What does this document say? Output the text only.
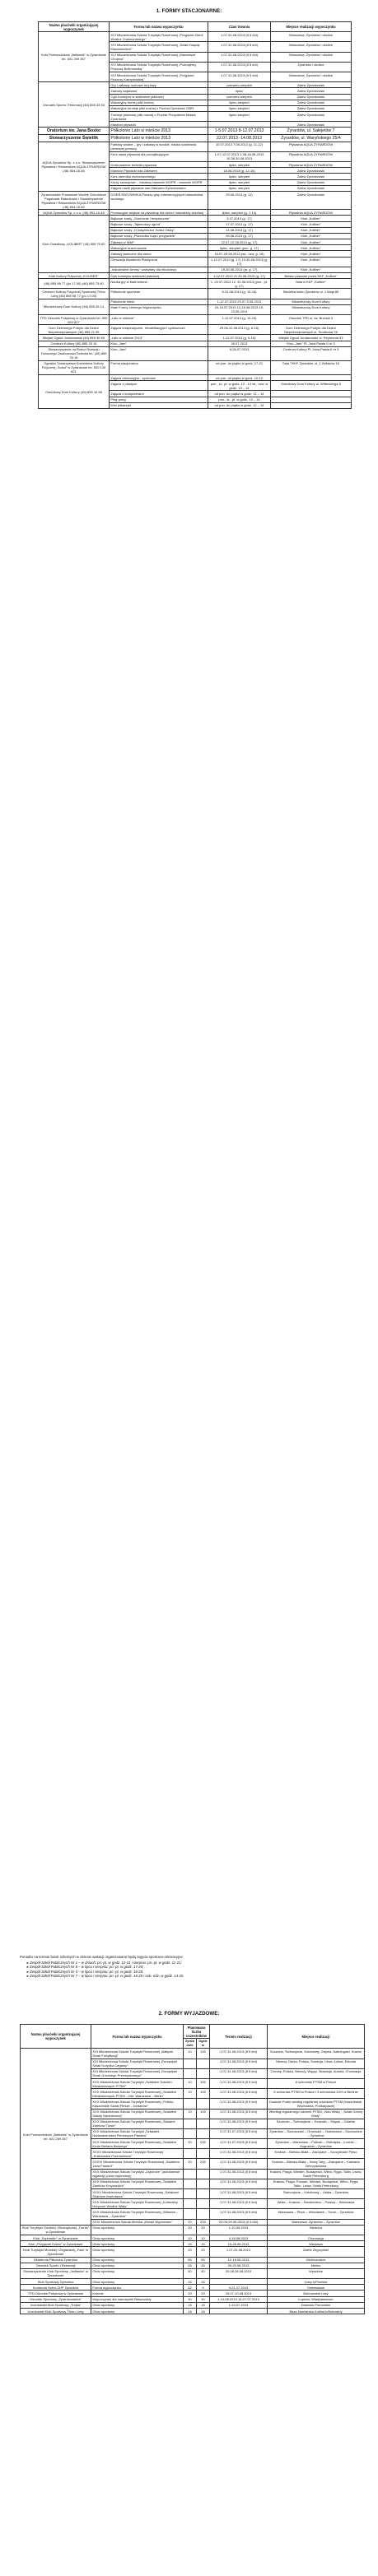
1. FORMY STACJONARNE:
Nazwa placówki organizującej wypoczynek	Forma lub nazwa wypoczynku	Czas trwania	Miejsce realizacji wypoczynku
Koło Przewodników „Bełkotek" w Żyrardowie tel. 601 269 357	XVI Młodzieżowa Szkoła Turystyki Rowerowej „Przyjaciel Ziemi Wzdłuż Chełmońskiego"	1.07-31.08.2013 (8 5 dni)	Warszawa, Żyrardów i okolice
	XVI Młodzieżowa Szkoła Turystyki Rowerowej „Szlak Książąt Mazowieckich"	1.07-31.08.2013 (8 5 dni)	Warszawa, Żyrardów i okolice
	XVI Młodzieżowa Szkoła Turystyki Rowerowej „Mazowsze Chopina"	1.07-31.08.2013 (8 5 dni)	Warszawa, Żyrardów i okolice
	XVI Młodzieżowa Szkoła Turystyki Rowerowej „Poznajemy Puszczę Bolimowską"	1.07-31.08.2013 (8 5 dni)	Żyrardów i okolice
	XVI Młodzieżowa Szkoła Turystyki Rowerowej „Przyjaciel Puszczy Kampinoskiej"	1.07-31.08.2013 (8 5 dni)	Warszawa, Żyrardów i okolice
Ośrodek Sportu i Rekreacji (46) 855 33 53	Gry i zabawy ruchowe na plaży	czerwiec-sierpień	Zalew Żyrardowski
	Zawody kajakowe	lipiec	Zalew Żyrardowski
	Cykl turniejów w siatkówce plażowej	czerwiec-sierpień	Zalew Żyrardowski
	Wakacyjny turniej piłki nożnej	lipiec-sierpień	Zalew Żyrardowski
	Wakacyjne turnieje piłki nożnej o Puchar Dyrektora OSiR	lipiec-sierpień	Zalew Żyrardowski
	Turnieje plażowej piłki nożnej o Puchar Prezydenta Miasta Żyrardowa	lipiec-sierpień	Zalew Żyrardowski
	Maraton pływacki		Zalew Żyrardowski
Oratorium św. Jana Bosko	Półkolonie Lato w mieście 2013	1-5.07.2013 8-12.07.2013	Żyrardów, ul. Sałejetów 7
Stowarzyszenie Świetlik	Półkolonie Lato w mieście 2013	22.07.2013 -14.08.2013	Żyrardów, ul. Waryńskiego 25/4
AQUA Żyrardów Sp. z o.o. Stowarzyszenie Pływalnia i Ratowników AQUA ŻYRARDÓW (46) 854-16-46	Fantasy wodne – gry i zabawy w wodzie, nauka udzielania pierwszej pomocy	10.07.2013 7.08.2013 (g. 11-12)	Pływalnia AQUA ŻYRARDÓW
	Kurs nauki pływania dla początkujących	1-07-12.07.2013 1-08-16.08.2013 10.38-30.08.2013	Pływalnia AQUA ŻYRARDÓW
	Doskonalenie techniki pływania	lipiec, sierpień	Pływalnia AQUA ŻYRARDÓW
	Maraton Pływacki nad Zalewem	18.08.2013 (g. 12-16)	Zalew Żyrardowski
	Kurs stermika motorowodnego	lipiec, sierpień	Zalew Żyrardowski
	Kursy rozwojowe: - młodszy ratownik WOPR - ratownik WOPR	lipiec, sierpień	Zalew Żyrardowski
	Zajęcia nauki pływania nad Zalewem Żyrardowskim	lipiec, sierpień	Zalew Żyrardowski
Żyrardowskie Powiatowe Wodne Ochotnicze Pogotowie Ratunkowe i Stowarzyszenie Pływalnia i Ratowników AQUA ŻYRARDÓW (46) 854-16-46	DZIEŃ RATOWNIKA Pokazy grup interwencyjnych ratownictwa wodnego	29.06.2013 (g. 11)	Zalew Żyrardowski
AQUA Żyrardów Sp. z o.o. (46) 854-16-46	Promocyjne wejście na pływalnię dla dzieci i młodzieży szkolnej	lipiec, sierpień (g. 7-14)	Pływalnia AQUA ŻYRARDÓW
Klub Osiedlowy „KOLIBER" (46) 855 75 60	Bajkowe środy „Grzecznie i bezpiecznie"	3.07.2013 (g. 17)	Klub „Koliber"
	Bajkowe środy „Tajemniczy ogród"	17.07.2013 (g. 17)	Klub „Koliber"
	Bajkowe środy „O księżniczce Kotku i lisicy"	14.08.2013 (g. 17)	Klub „Koliber"
	Bajkowe środy „Pszczółka Kaja i przyjaciele"	28.08.2013 (g. 17)	Klub „Koliber"
	Zabawa w WAP	22.07-12.08.2013 (g. 17)	Klub „Koliber"
	Wakacyjne szachowanie	lipiec, sierpień (pon. g. 17)	Klub „Koliber"
	Zabawy taneczne dla dzieci	16.07-29.08.2013 (wt., czw. g. 15)	Klub „Koliber"
	Oleszacja Akademia Plastyczna	1-12.07.2013 (g. 17) 19-30.08.2013 (g. 17)	Klub „Koliber"
	„Industrialne kimmy" warsztaty dla młodzieży	19-30.08.2013 (pt. g. 17)	Klub „Koliber"
Klub Kultury Fizycznej „KOLIBER"	Cykl turniejów siatkówki plażowej	1-12.07.2013 21.30.08.2013 (g. 17)	Boisko plażowe przed KKF „Koliber"
(46) 855 98 77 (po 17.00) (46) 855 75 60	Nauka gry w badmintona	1, 20.07.2013 12. 31.08.2013 (pon., pt. g. 17)	Hala w KKF „Koliber"
Centrum Kultury Fizycznej Sportowej Thion Long (46) 855 98 77 (po 17.00)	Półkolonie sportowe	5-31.08.2013 (g. 10-16)	Siedziba klubu Żyrardów ul. 1 Maja 85
Młodzieżowy Dom Kultury (46) 855 45 14	Półkolonie letnie	1-12.07.2013 29.07-9.08.2013	Młodzieżowy Dom Kultury
	Małe Formy Letniego Wypoczynku	15-19.07.2013 12-16.08.2013 19-23.08.2013	Młodzieżowy Dom Kultury
TPD Ośrodek Pobytowy w Żyrardowie tel. 509 663 827	„Lato w mieście"	1-12.07.2013 (g. 10-15)	Ośrodek TPD ul. ks. Brzóski 9
Dom Dziennego Pobytu dla Dzieci Niepełnosprawnych (46) 855 21 95	Zajęcia terapeutyczne, rehabilitacyjne i opiekuńcze	29.06-31.08.2013 (g. 8-16)	Dom Dziennego Pobytu dla Dzieci Niepełnosprawnych ul. Środkowa 26
Miejski Ogród Jordanowski (46) 855 30 89	„Lato w mieście 2013"	1-12.07.2013 (g. 9-15)	Miejski Ogród Jordanowski ul. Reymonta 33
Centrum Kultury (46) 855 33 16	Kino „Jam"	26.07.2013	Kino „Jam" Pl. Jana Pawła II nr 3
Stowarzyszenie na Rzecz Rozwoju Twórczego Osobowości Dziecka tel. (46) 855 33 16	Kino „Jam"	8-26.07.2013	Centrum Kultury Pl. Jana Pawła II nr 3
Ogniska Towarzystwa Krzewienia Kultury Fizycznej „Sokół" w Żyrardowie tel. 500 135 821	Forma stacjonarna	od pon. do piątku w godz. 17-21	Sala TKKF Żyrardów, ul. 1 Żelisków 16
Osiedlowy Dom Kultury (46) 855 16 56	Zajęcia rekreacyjno - sportowe	od pon. do piątku w godz. 10-12	
	Zajęcia z plastyce	pon., śr., pt. w godz. 12 - 14 wt., czw. w godz. 13 – 14	Osiedlowy Dom Kultury ul. Wittenberga 5
	Zajęcia z komputerami	od pon. do piątku w godz. 12 – 14	
	Ping-pong	pon., śr., pt. w godz. 13 – 14	
	Mini piłkarzyki	od pon. do piątku w godz. 12 – 14	

Ponadto na terenie boisk szkolnych w okresie wakacji organizowane będą zajęcia sportowo-rekreacyjne:

• Zespół Szkół Publicznych Nr 1 – w dniach: pn.-pt. w godz. 12-21 i sierpniu: pn.-pt. w godz. 11-21;
• Zespół Szkół Publicznych Nr 6 – w lipcu i sierpniu: pn.-pt. w godz. 17-20;
• Zespół Szkół Publicznych Nr 3 – w lipcu i sierpniu: pn.-pt. w godz. 16-20;
• Zespół Szkół Publicznych Nr 7 – w lipcu i sierpniu: pn.-pt. w godz. 16-20 i sob.-ndz. w godz. 14-20.
2. FORMY WYJAZDOWE:
Nazwa placówki organizującej wypoczynek	Forma lub nazwa wypoczynku	Planowana liczba uczestników		Termin realizacji	Miejsce realizacji
		Żyrardowie	Ogółem		
Koło Przewodników „Bełkotek" w Żyrardowie tel. 601 269 357	XVI Młodzieżowa Szkoła Turystyki Rowerowej „Bałtycki Szlak Fortyfikacji"	10	100	1.07-31.08.2013 (8 5 dni)	Szczecin, Świnoujście, Kołobrzeg, Gdynia, Kaliningrad, Kowno
	XVI Młodzieżowa Szkoła Turystyki Rowerowej „Europejski Szlak Gotycko-Ceglany"			1.07-31.08.2013 (8 5 dni)	Niemcy, Dania, Polska, Szwecja, Litwa, Łotwa, Estonia
	XVI Młodzieżowa Szkoła Turystyki Rowerowej „Europejski Szlak Greckiego Przemysłowego"			1.07-31.08.2013 (8 5 dni)	Czechy, Polska, Niemcy, Węgry, Słowacja, Austria, Chorwacja
	XXX Młodzieżowa Szkoła Turystyki „Szlakiem Szkoleń Młodzieżowych PTSM"	10	100	1.07-31.08.2013 (8 5 dni)	8 schronisk PTSM w Polsce
	XXX Młodzieżowa Szkoła Turystyki Rowerowej „Szlakiem Młodzieżowych PTSM – Dłń: Warszawa – Berlin"	10	100	1.07-31.08.2013 (8 5 dni)	5 schronisk PTSM w Polsce i 3 schroniska DJH w Berlinie
	XXX Młodzieżowa Szkoła Turystyki Rowerowej „Polsko-Kaszubskie Szlaki Piesze - Jordanów"			1.07-31.08.2013 (8 5 dni)	Dookoła Polski według regularnej odcinków PTSM (Kaszubskie, Wschodnia, Podkarpacie)
	XXX Młodzieżowa Szkoła Turystyki Rowerowej „Szlakiem Szkoły Nadrzecznej"	10	100	1.07-31.08.2013 (8 5 dni)	Wiedług regularnego odcinek PTSM, „Nad Wisłą", „Szlak Górnej Wisły"
	XXX Młodzieżowa Szkoła Turystyki Rowerowej „Śladami Zamków Tursie"			1.07-31.08.2013 (8 5 dni)	Szczecin – Świnoujście – Koszalin – Słupsk – Gdańsk
	XXX Młodzieżowa Szkoła Turystyki „Szlakami Nadsudzeńskiej Pierwszych Piastów"			2.07-31.07.2013 (8 5 dni)	Żyrardów – Sochaczew – Grunwald – Osiemiasto – Sochaczew – Żyrardów
	XXX Młodzieżowa Szkoła Turystyki Rowerowej „Szlakiem Krola Stefana Batorego"	20	200	1.07-31.07.2013 (8 5 dni)	Żyrardów – Warszawa – Pułtusk – Ostrołęka – Łomża – Augustów – Żyrardów
	XXXV Młodzieżowa Szkoła Turystyki Rowerowej „Krakowskie Przedmieście"			1.07-31.08.2013 (8 5 dni)	Kraków – Bielsko-Biała – Zakopane – Szczyrbskie Pleso
	XXXVI Młodzieżowa Szkoła Turystyki Rowerowej „Szlakiem Jana Pawła II"	20	200	1.07-31.08.2013 (8 5 dni)	Kraków – Bielsko-Biała – Nowy Targ – Zakopane – Kalwaria Zebrzydowska
	XXX Młodzieżowa Szkoła Turystyki „Zaporoże" (autokarowe wyjazdy) (obóz wędrowny)			1.07-31.08.2013 (8 5 dni)	Kraków, Praga, Wiedeń, Budapeszt, Wilno, Ryga, Tallin, Lwów, Sankt Petersburg
	XXX Młodzieżowa Szkoła Turystyki Rowerowej „Szlakiem Zamków Krzyżackich"			1.07-31.08.2013 (8 5 dni)	Kraków, Praga, Poznań, Wiedeń, Budapeszt, Wilno, Ryga, Tallin, Lwów, Sankt Petersburg
	XXXV Młodzieżowa Szkoła Turystyki Rowerowej „Szlakami Skarbów Inwentarza"			1.07-31.08.2013 (8 5 dni)	Świnoujście – Kołobrzeg – Ustka – Żyrardów
	XXX Młodzieżowa Szkoła Turystyki Rowerowej „Kulturalny Horyzont Wzdłuż Wisły"			1.07-31.08.2013 (8 5 dni)	Wisła – Kraków – Sandomierz – Puławy – Warszawa
	XXX Młodzieżowa Szkoła Turystyki Rowerowej „Wilanów – Warszawa – Żyrardów"			1.07-31.08.2013 (8 5 dni)	Warszawa – Płock – Włocławek – Toruń – Żyrardów
	XXIX Młodzieżowa Szkoła Morska „Morski Wędrowiec"	20	200	20.06-09.06.2013 (8 5 dni)	Warszawa, Żyrardów – Żyrardów
Klub Turystyki Górskiej i Ekologicznej „Turnia" w Żyrardowie	Obóz sportowy	20	20	1-10.08.2013	Niedzica
Klub „Szpirantin" w Żyrardowie	Obóz sportowy	10	10	4-18.08.2013	Chorwacja
Klub „Przyjaciel Dzieci" w Żyrardowie	Obóz sportowy	15	15	15-28.08.2013	Włodawa
Klub Turystyki Morskiej i Żeglarskiej „Fala" w Żyrardowie	Obóz sportowy	20	20	1.07-31.08.2013	Zalew Zegrzyński
Akademia Piłkarska Żyrardów	Obóz sportowy	65	65	12-18.08.2013	Zdzieszowice
Ośrodek Sportu i Rekreacji	Obóz sportowy	45	45	26-29.08.2013	Mielno
Stowarzyszenie Klub Sportowy „Jedlanka" w Żyrardowie	Obóz sportowy	40	40	20.08-28.08.2013	Wyszków
Klub Sportowy Żyrardów	Obóz sportowy	16	16		Łowy k/Płońska
Komenda Hufca ZHP Żyrardów	Forma wypoczynku	42	9	9-21.07.2013	Oslemskiwe
TPD Ośrodek Pobytowy w Żyrardowie	Kolonie	20	20	15.07-10.08.2013	Bobrowskie Lasy
Ośrodek Sportowy „Żyrardowianka"	Wypoczynek dla nauczycieli Bieszczady	30	30	1-14.08.2013 14-27.07.2013	Łupków, Władysławowo
Uczniowski Klub Sportowy „Trójka"	Obóz sportowy	15	15	1-10.07.2013	Drawsko Pomorskie
Uczniowski Klub Sportowy Thion Long	Obóz sportowy	18	18		Baza Narciarska Kotlina k/Bukowiny
